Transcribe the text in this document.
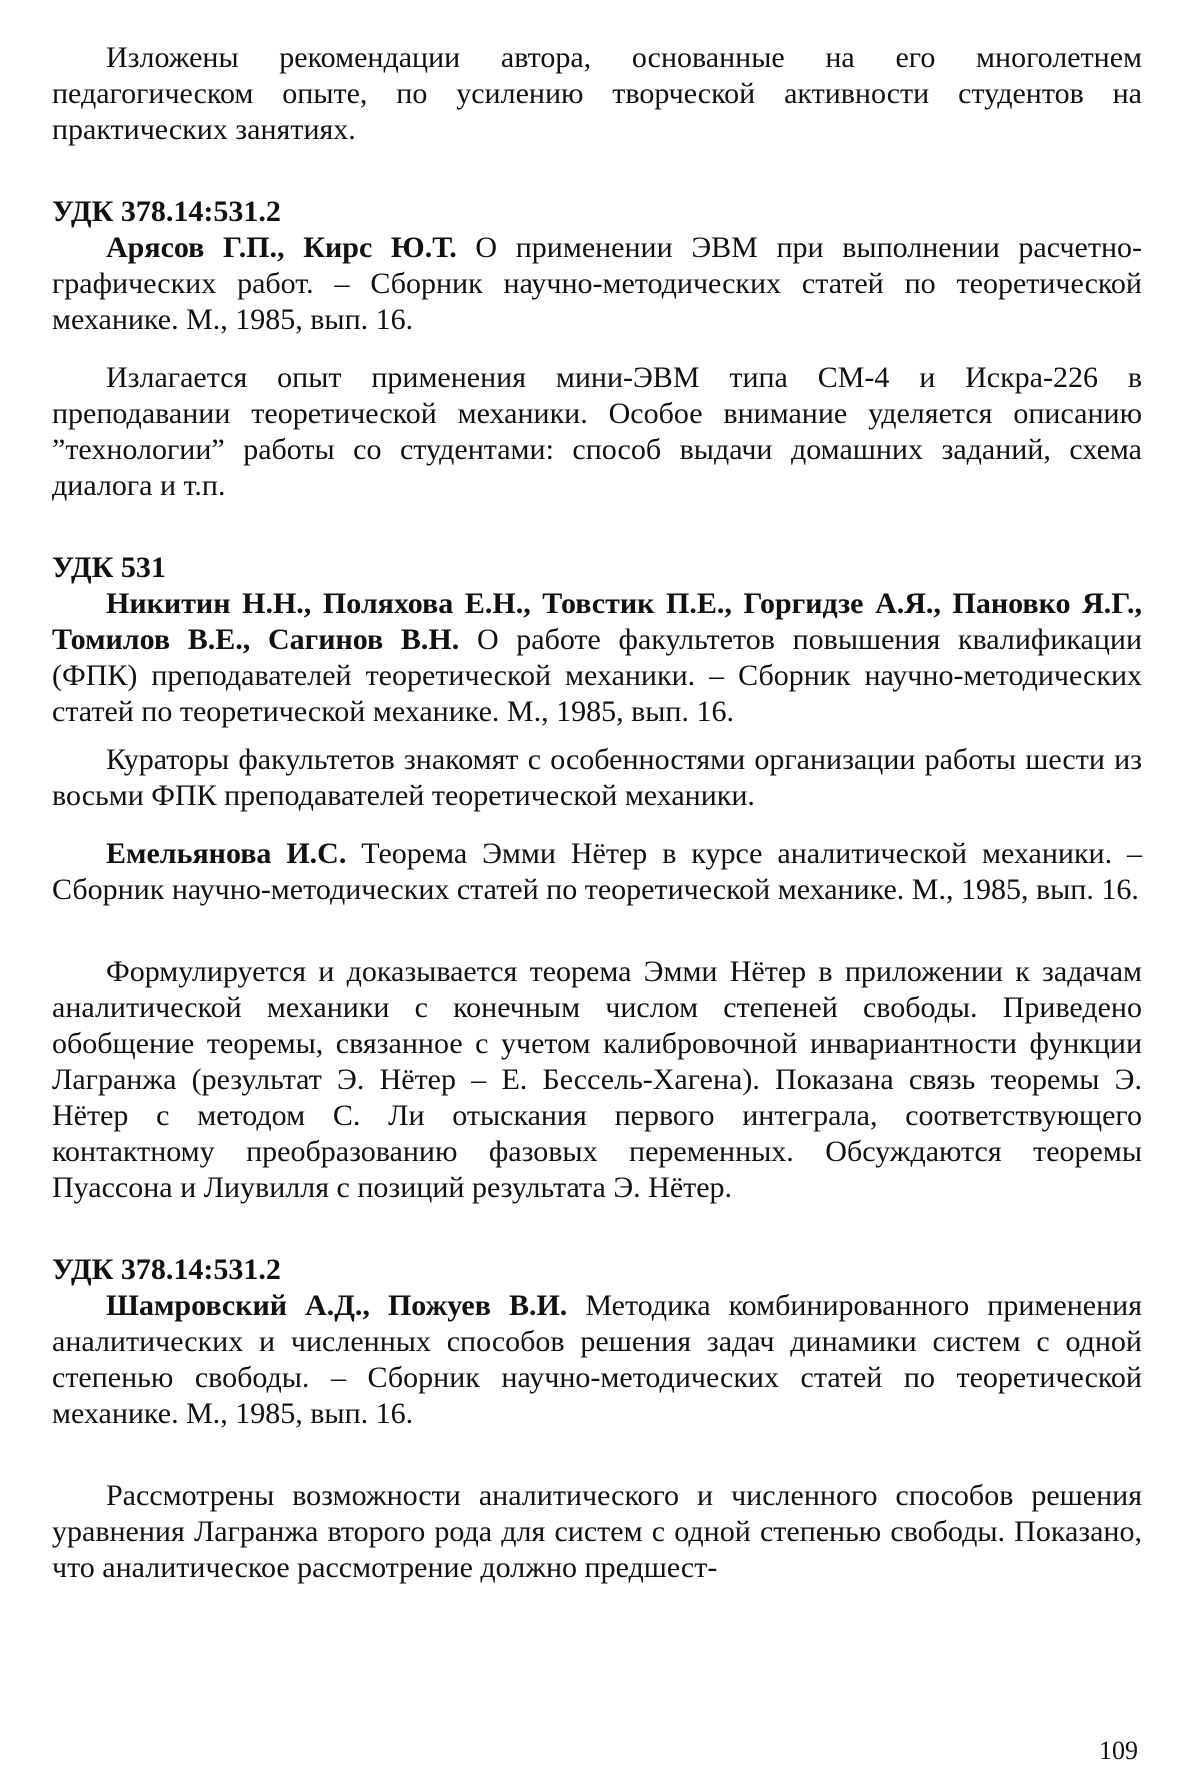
Изложены рекомендации автора, основанные на его многолетнем педагогическом опыте, по усилению творческой активности студентов на практических занятиях.

УДК 378.14:531.2

Арясов Г.П., Кирс Ю.Т. О применении ЭВМ при выполнении расчетно-графических работ. – Сборник научно-методических статей по теоретической механике. М., 1985, вып. 16.

Излагается опыт применения мини-ЭВМ типа СМ-4 и Искра-226 в преподавании теоретической механики. Особое внимание уделяется описанию ”технологии” работы со студентами: способ выдачи домашних заданий, схема диалога и т.п.

УДК 531

Никитин Н.Н., Поляхова Е.Н., Товстик П.Е., Горгидзе А.Я., Пановко Я.Г., Томилов В.Е., Сагинов В.Н. О работе факультетов повышения квалификации (ФПК) преподавателей теоретической механики. – Сборник научно-методических статей по теоретической механике. М., 1985, вып. 16.

Кураторы факультетов знакомят с особенностями организации работы шести из восьми ФПК преподавателей теоретической механики.

Емельянова И.С. Теорема Эмми Нётер в курсе аналитической механики. – Сборник научно-методических статей по теоретической механике. М., 1985, вып. 16.

Формулируется и доказывается теорема Эмми Нётер в приложении к задачам аналитической механики с конечным числом степеней свободы. Приведено обобщение теоремы, связанное с учетом калибровочной инвариантности функции Лагранжа (результат Э. Нётер – Е. Бессель-Хагена). Показана связь теоремы Э. Нётер с методом С. Ли отыскания первого интеграла, соответствующего контактному преобразованию фазовых переменных. Обсуждаются теоремы Пуассона и Лиувилля с позиций результата Э. Нётер.

УДК 378.14:531.2

Шамровский А.Д., Пожуев В.И. Методика комбинированного применения аналитических и численных способов решения задач динамики систем с одной степенью свободы. – Сборник научно-методических статей по теоретической механике. М., 1985, вып. 16.

Рассмотрены возможности аналитического и численного способов решения уравнения Лагранжа второго рода для систем с одной степенью свободы. Показано, что аналитическое рассмотрение должно предшест-

109
